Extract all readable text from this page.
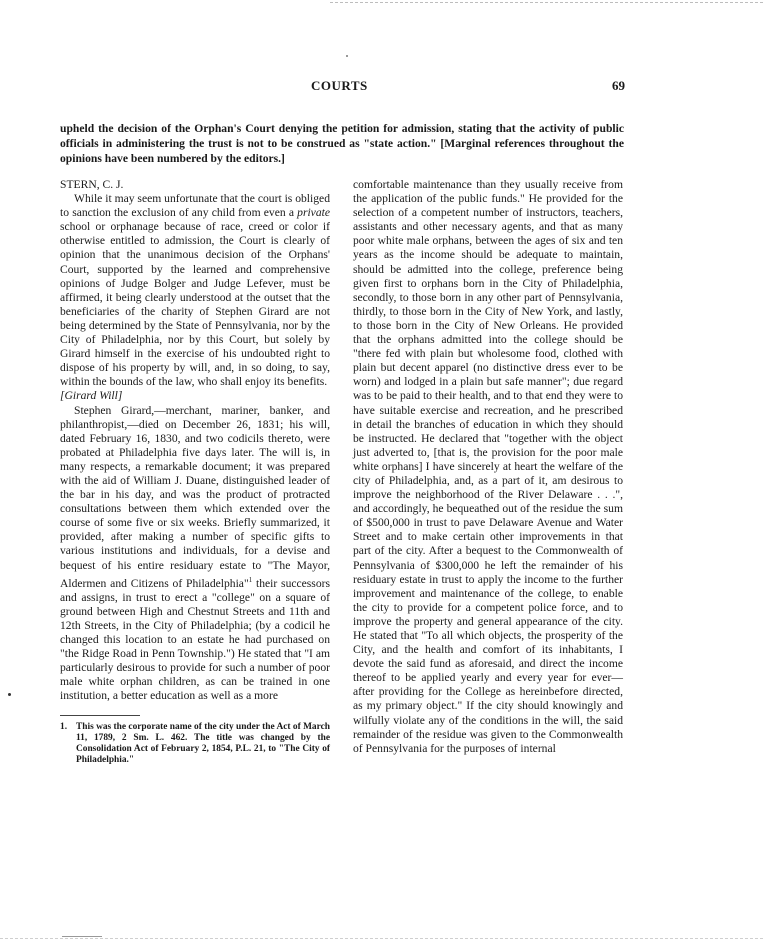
COURTS	69
upheld the decision of the Orphan's Court denying the petition for admission, stating that the activity of public officials in administering the trust is not to be construed as "state action." [Marginal references throughout the opinions have been numbered by the editors.]

STERN, C. J.

While it may seem unfortunate that the court is obliged to sanction the exclusion of any child from even a private school or orphanage because of race, creed or color if otherwise entitled to admission, the Court is clearly of opinion that the unanimous decision of the Orphans' Court, supported by the learned and comprehensive opinions of Judge Bolger and Judge Lefever, must be affirmed, it being clearly understood at the outset that the beneficiaries of the charity of Stephen Girard are not being determined by the State of Pennsylvania, nor by the City of Philadelphia, nor by this Court, but solely by Girard himself in the exercise of his undoubted right to dispose of his property by will, and, in so doing, to say, within the bounds of the law, who shall enjoy its benefits.

[Girard Will]

Stephen Girard,—merchant, mariner, banker, and philanthropist,—died on December 26, 1831; his will, dated February 16, 1830, and two codicils thereto, were probated at Philadelphia five days later. The will is, in many respects, a remarkable document; it was prepared with the aid of William J. Duane, distinguished leader of the bar in his day, and was the product of protracted consultations between them which extended over the course of some five or six weeks. Briefly summarized, it provided, after making a number of specific gifts to various institutions and individuals, for a devise and bequest of his entire residuary estate to "The Mayor, Aldermen and Citizens of Philadelphia"$^1$ their successors and assigns, in trust to erect a "college" on a square of ground between High and Chestnut Streets and 11th and 12th Streets, in the City of Philadelphia; (by a codicil he changed this location to an estate he had purchased on "the Ridge Road in Penn Township.") He stated that "I am particularly desirous to provide for such a number of poor male white orphan children, as can be trained in one institution, a better education as well as a more

1. This was the corporate name of the city under the Act of March 11, 1789, 2 Sm. L. 462. The title was changed by the Consolidation Act of February 2, 1854, P.L. 21, to "The City of Philadelphia."

comfortable maintenance than they usually receive from the application of the public funds." He provided for the selection of a competent number of instructors, teachers, assistants and other necessary agents, and that as many poor white male orphans, between the ages of six and ten years as the income should be adequate to maintain, should be admitted into the college, preference being given first to orphans born in the City of Philadelphia, secondly, to those born in any other part of Pennsylvania, thirdly, to those born in the City of New York, and lastly, to those born in the City of New Orleans. He provided that the orphans admitted into the college should be "there fed with plain but wholesome food, clothed with plain but decent apparel (no distinctive dress ever to be worn) and lodged in a plain but safe manner"; due regard was to be paid to their health, and to that end they were to have suitable exercise and recreation, and he prescribed in detail the branches of education in which they should be instructed. He declared that "together with the object just adverted to, [that is, the provision for the poor male white orphans] I have sincerely at heart the welfare of the city of Philadelphia, and, as a part of it, am desirous to improve the neighborhood of the River Delaware . . .", and accordingly, he bequeathed out of the residue the sum of $500,000 in trust to pave Delaware Avenue and Water Street and to make certain other improvements in that part of the city. After a bequest to the Commonwealth of Pennsylvania of $300,000 he left the remainder of his residuary estate in trust to apply the income to the further improvement and maintenance of the college, to enable the city to provide for a competent police force, and to improve the property and general appearance of the city. He stated that "To all which objects, the prosperity of the City, and the health and comfort of its inhabitants, I devote the said fund as aforesaid, and direct the income thereof to be applied yearly and every year for ever—after providing for the College as hereinbefore directed, as my primary object." If the city should knowingly and wilfully violate any of the conditions in the will, the said remainder of the residue was given to the Commonwealth of Pennsylvania for the purposes of internal
